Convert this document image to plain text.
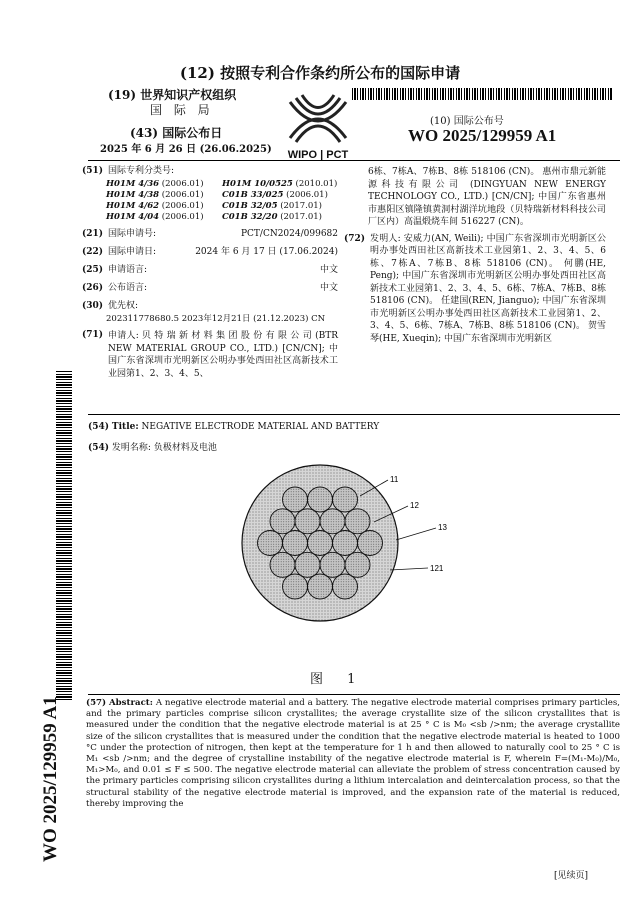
(12) 按照专利合作条约所公布的国际申请
(19) 世界知识产权组织
国 际 局
(43) 国际公布日
2025 年 6 月 26 日 (26.06.2025) WIPO | PCT
(10) 国际公布号
WO 2025/129959 A1
WO 2025/129959 A1
(51) 国际专利分类号:
H01M 4/36 (2006.01)	H01M 10/0525 (2010.01)
H01M 4/38 (2006.01)	C01B 33/025 (2006.01)
H01M 4/62 (2006.01)	C01B 32/05 (2017.01)
H01M 4/04 (2006.01)	C01B 32/20 (2017.01)
(21) 国际申请号:	PCT/CN2024/099682
(22) 国际申请日:	2024 年 6 月 17 日 (17.06.2024)
(25) 申请语言:	中文
(26) 公布语言:	中文
(30) 优先权:
202311778680.5 2023年12月21日 (21.12.2023) CN
(71) 申请人: 贝 特 瑞 新 材 料 集 团 股 份 有 限 公 司 (BTR NEW MATERIAL GROUP CO., LTD.) [CN/CN]; 中国广东省深圳市光明新区公明办事处西田社区高新技术工业园第1、2、3、4、5、
6栋、7栋A、7栋B、8栋 518106 (CN)。 惠州市鼎元新能源科技有限公司 (DINGYUAN NEW ENERGY TECHNOLOGY CO., LTD.) [CN/CN]; 中国广东省惠州市惠阳区镇隆镇黄洞村湖洋坑地段（贝特瑞新材料科技公司厂区内）高温煅烧车间 516227 (CN)。
(72) 发明人: 安威力(AN, Weili); 中国广东省深圳市光明新区公明办事处西田社区高新技术工业园第1、2、3、4、5、6栋、7栋A、7栋B、8栋 518106 (CN)。 何鹏(HE, Peng); 中国广东省深圳市光明新区公明办事处西田社区高新技术工业园第1、2、3、4、5、6栋、7栋A、7栋B、8栋 518106 (CN)。 任建国(REN, Jianguo); 中国广东省深圳市光明新区公明办事处西田社区高新技术工业园第1、2、3、4、5、6栋、7栋A、7栋B、8栋 518106 (CN)。 贺雪琴(HE, Xueqin); 中国广东省深圳市光明新区
(54) Title: NEGATIVE ELECTRODE MATERIAL AND BATTERY
(54) 发明名称: 负极材料及电池
11
12
13
121
图 1
(57) Abstract: A negative electrode material and a battery. The negative electrode material comprises primary particles, and the primary particles comprise silicon crystallites; the average crystallite size of the silicon crystallites that is measured under the condition that the negative electrode material is at 25 ° C is M₀ <sb />nm; the average crystallite size of the silicon crystallites that is measured under the condition that the negative electrode material is heated to 1000 °C under the protection of nitrogen, then kept at the temperature for 1 h and then allowed to naturally cool to 25 ° C is M₁ <sb />nm; and the degree of crystalline instability of the negative electrode material is F, wherein F=(M₁-M₀)/M₀, M₁>M₀, and 0.01 ≤ F ≤ 500. The negative electrode material can alleviate the problem of stress concentration caused by the primary particles comprising silicon crystallites during a lithium intercalation and deintercalation process, so that the structural stability of the negative electrode material is improved, and the expansion rate of the material is reduced, thereby improving the
[见续页]
